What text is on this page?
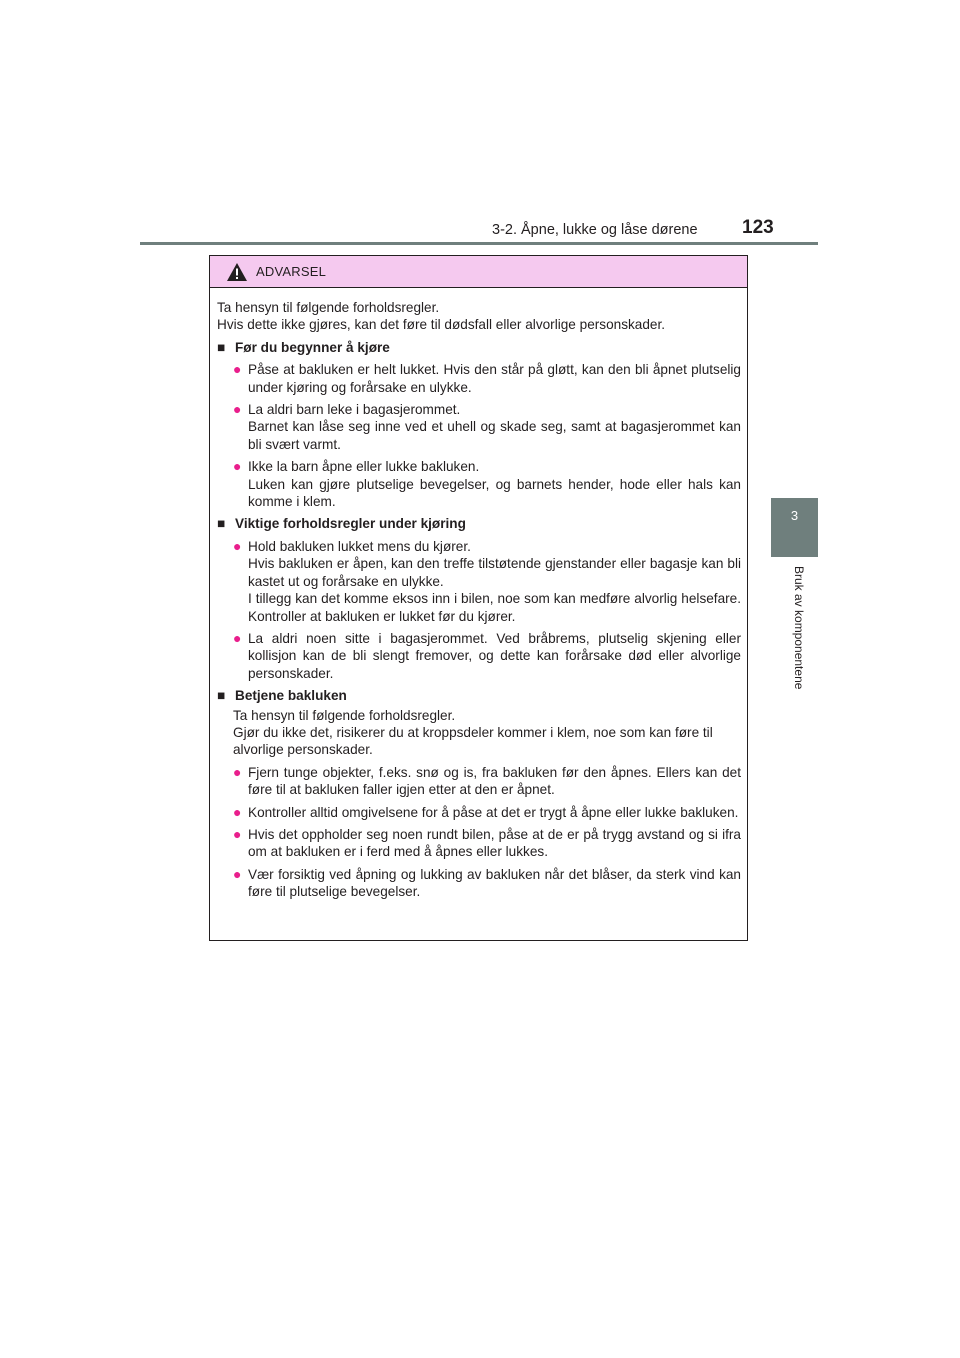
3-2. Åpne, lukke og låse dørene 123
3
Bruk av komponentene
ADVARSEL

Ta hensyn til følgende forholdsregler.

Hvis dette ikke gjøres, kan det føre til dødsfall eller alvorlige personskader.

■ Før du begynner å kjøre
● Påse at bakluken er helt lukket. Hvis den står på gløtt, kan den bli åpnet plutselig under kjøring og forårsake en ulykke.

● La aldri barn leke i bagasjerommet.

Barnet kan låse seg inne ved et uhell og skade seg, samt at bagasjerommet kan bli svært varmt.

● Ikke la barn åpne eller lukke bakluken.

Luken kan gjøre plutselige bevegelser, og barnets hender, hode eller hals kan komme i klem.

■ Viktige forholdsregler under kjøring
● Hold bakluken lukket mens du kjører.

Hvis bakluken er åpen, kan den treffe tilstøtende gjenstander eller bagasje kan bli kastet ut og forårsake en ulykke.

I tillegg kan det komme eksos inn i bilen, noe som kan medføre alvorlig helsefare. Kontroller at bakluken er lukket før du kjører.

● La aldri noen sitte i bagasjerommet. Ved bråbrems, plutselig skjening eller kollisjon kan de bli slengt fremover, og dette kan forårsake død eller alvorlige personskader.

■ Betjene bakluken

Ta hensyn til følgende forholdsregler.

Gjør du ikke det, risikerer du at kroppsdeler kommer i klem, noe som kan føre til alvorlige personskader.

● Fjern tunge objekter, f.eks. snø og is, fra bakluken før den åpnes. Ellers kan det føre til at bakluken faller igjen etter at den er åpnet.

● Kontroller alltid omgivelsene for å påse at det er trygt å åpne eller lukke bakluken.

● Hvis det oppholder seg noen rundt bilen, påse at de er på trygg avstand og si ifra om at bakluken er i ferd med å åpnes eller lukkes.

● Vær forsiktig ved åpning og lukking av bakluken når det blåser, da sterk vind kan føre til plutselige bevegelser.
